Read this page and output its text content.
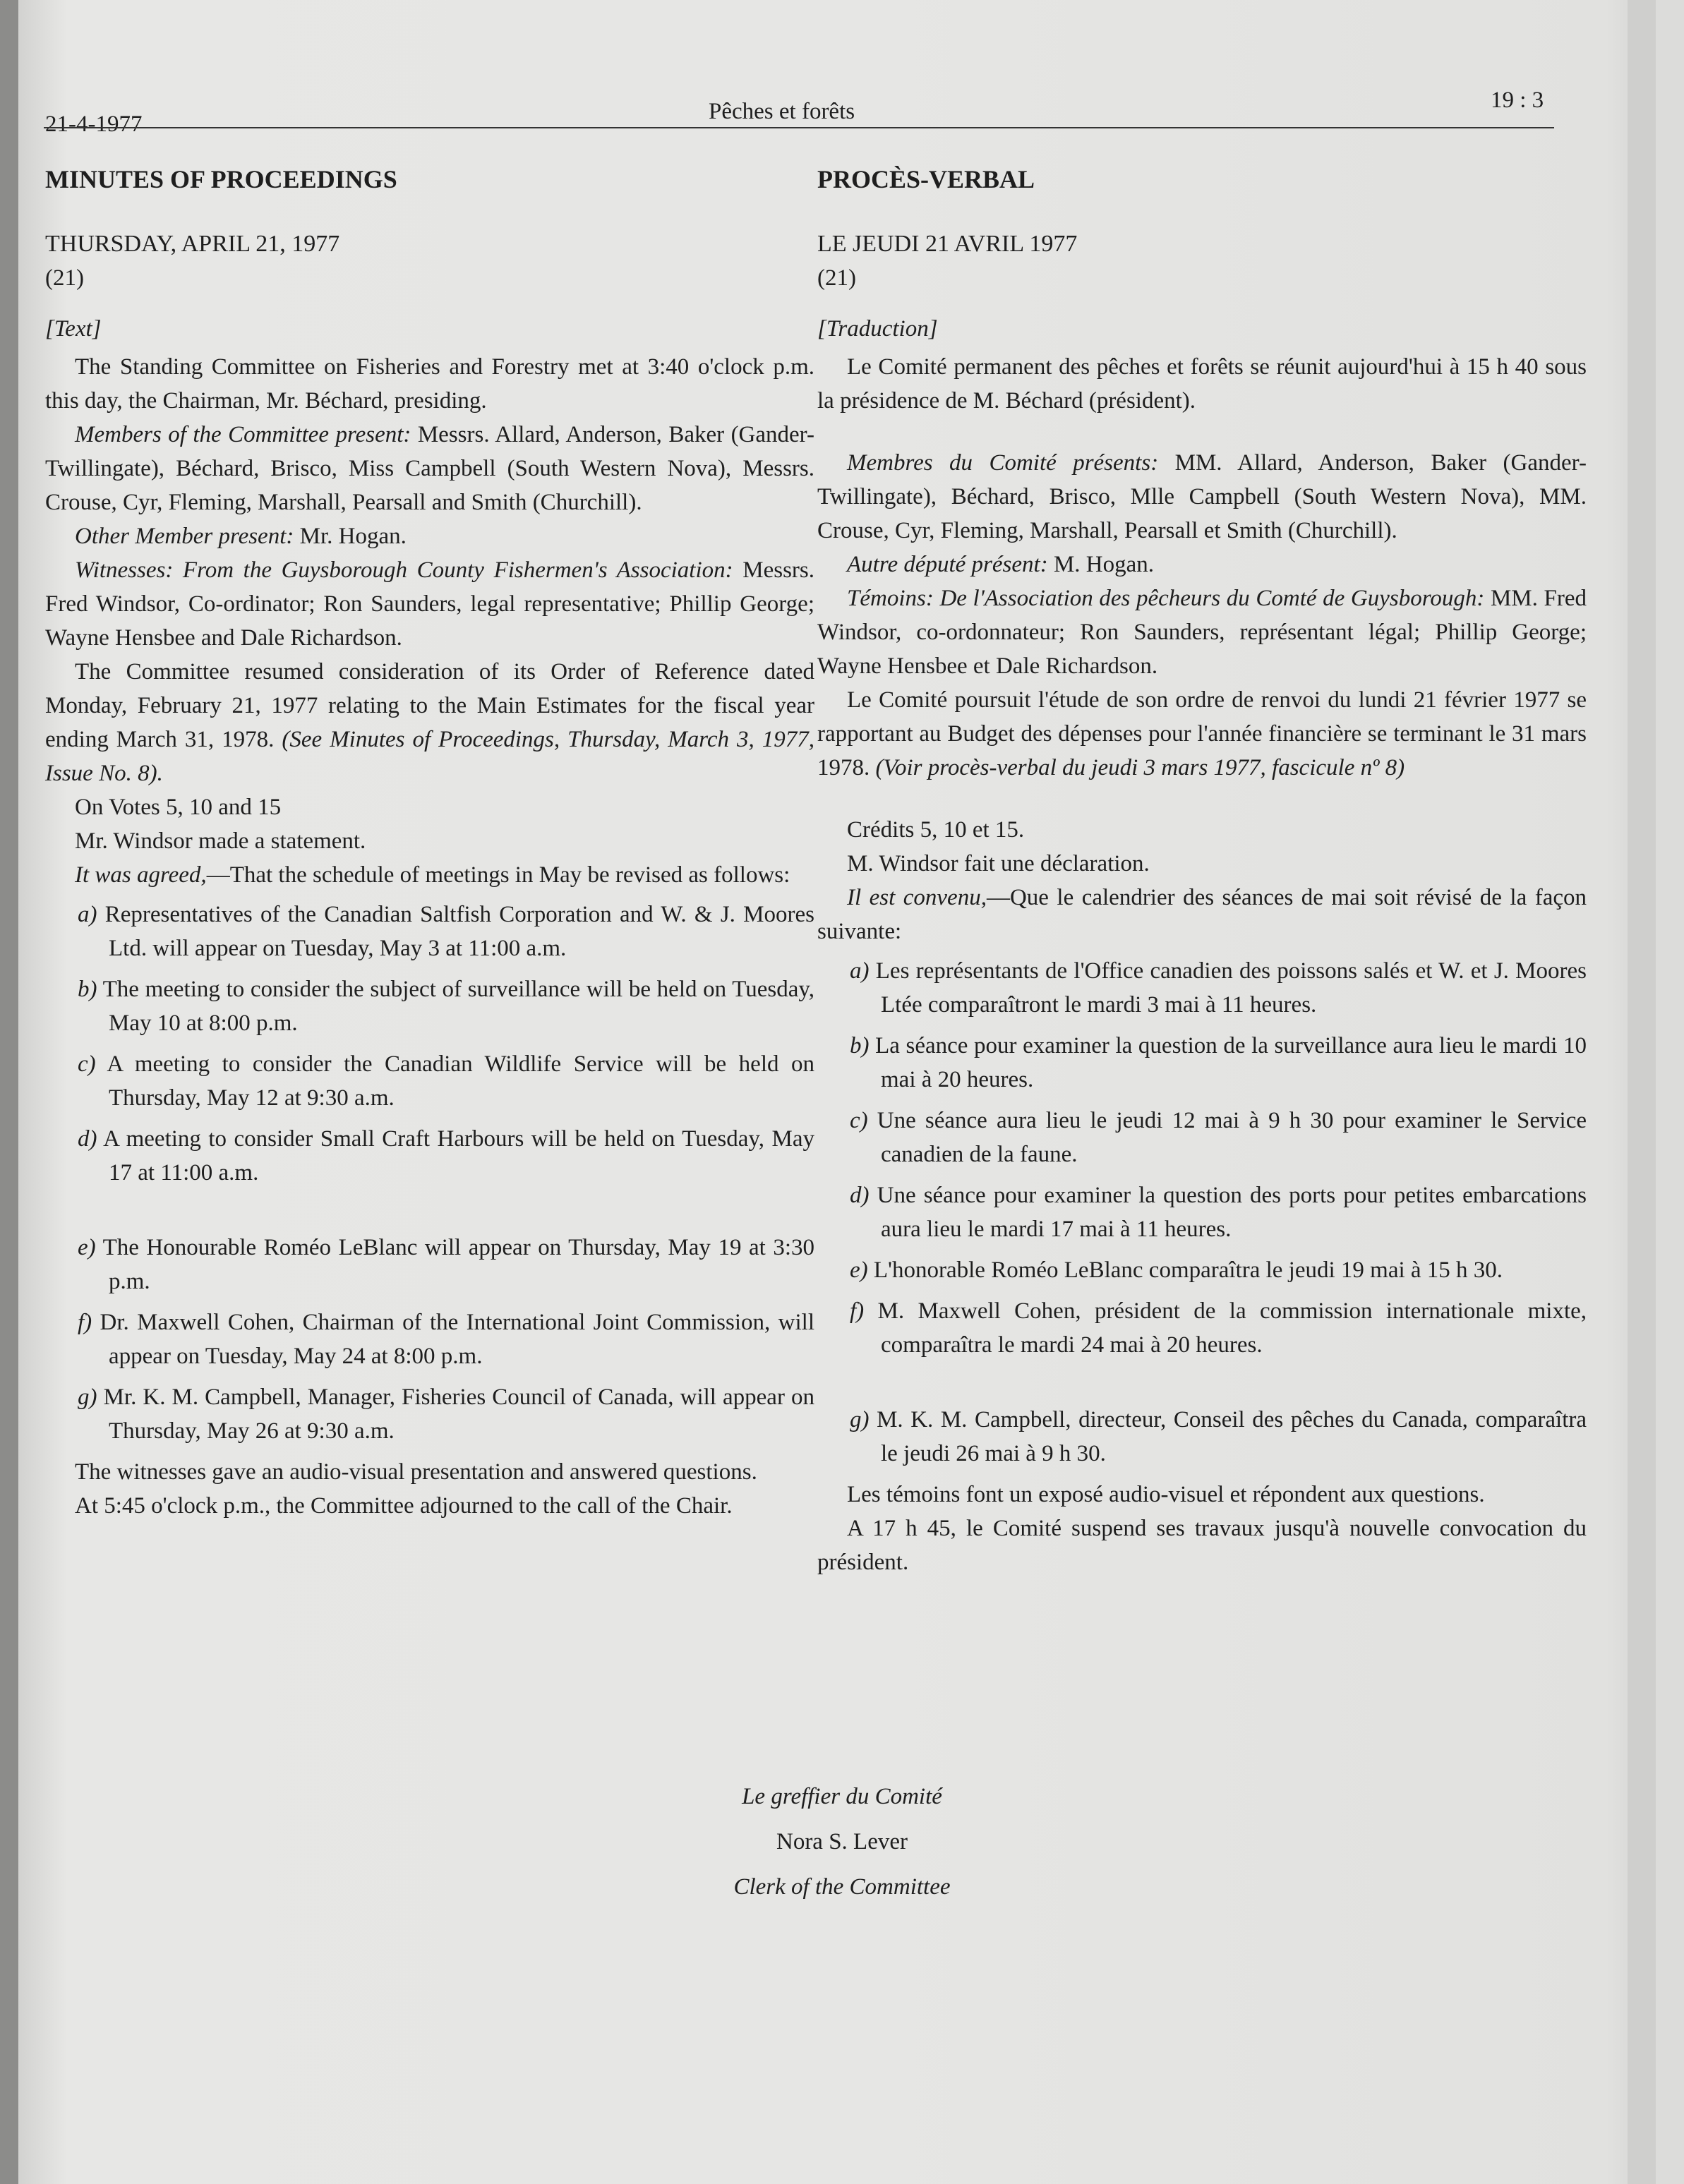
21-4-1977	Pêches et forêts	19 : 3
MINUTES OF PROCEEDINGS

THURSDAY, APRIL 21, 1977

(21)

[Text]

The Standing Committee on Fisheries and Forestry met at 3:40 o'clock p.m. this day, the Chairman, Mr. Béchard, presiding.

Members of the Committee present: Messrs. Allard, Anderson, Baker (Gander-Twillingate), Béchard, Brisco, Miss Campbell (South Western Nova), Messrs. Crouse, Cyr, Fleming, Marshall, Pearsall and Smith (Churchill).

Other Member present: Mr. Hogan.

Witnesses: From the Guysborough County Fishermen's Association: Messrs. Fred Windsor, Co-ordinator; Ron Saunders, legal representative; Phillip George; Wayne Hensbee and Dale Richardson.

The Committee resumed consideration of its Order of Reference dated Monday, February 21, 1977 relating to the Main Estimates for the fiscal year ending March 31, 1978. (See Minutes of Proceedings, Thursday, March 3, 1977, Issue No. 8).

On Votes 5, 10 and 15

Mr. Windsor made a statement.

It was agreed,—That the schedule of meetings in May be revised as follows:

a) Representatives of the Canadian Saltfish Corporation and W. & J. Moores Ltd. will appear on Tuesday, May 3 at 11:00 a.m.

b) The meeting to consider the subject of surveillance will be held on Tuesday, May 10 at 8:00 p.m.

c) A meeting to consider the Canadian Wildlife Service will be held on Thursday, May 12 at 9:30 a.m.

d) A meeting to consider Small Craft Harbours will be held on Tuesday, May 17 at 11:00 a.m.

e) The Honourable Roméo LeBlanc will appear on Thursday, May 19 at 3:30 p.m.

f) Dr. Maxwell Cohen, Chairman of the International Joint Commission, will appear on Tuesday, May 24 at 8:00 p.m.

g) Mr. K. M. Campbell, Manager, Fisheries Council of Canada, will appear on Thursday, May 26 at 9:30 a.m.

The witnesses gave an audio-visual presentation and answered questions.

At 5:45 o'clock p.m., the Committee adjourned to the call of the Chair.

PROCÈS-VERBAL

LE JEUDI 21 AVRIL 1977

(21)

[Traduction]

Le Comité permanent des pêches et forêts se réunit aujourd'hui à 15 h 40 sous la présidence de M. Béchard (président).

Membres du Comité présents: MM. Allard, Anderson, Baker (Gander-Twillingate), Béchard, Brisco, Mlle Campbell (South Western Nova), MM. Crouse, Cyr, Fleming, Marshall, Pearsall et Smith (Churchill).

Autre député présent: M. Hogan.

Témoins: De l'Association des pêcheurs du Comté de Guysborough: MM. Fred Windsor, co-ordonnateur; Ron Saunders, représentant légal; Phillip George; Wayne Hensbee et Dale Richardson.

Le Comité poursuit l'étude de son ordre de renvoi du lundi 21 février 1977 se rapportant au Budget des dépenses pour l'année financière se terminant le 31 mars 1978. (Voir procès-verbal du jeudi 3 mars 1977, fascicule nº 8)

Crédits 5, 10 et 15.

M. Windsor fait une déclaration.

Il est convenu,—Que le calendrier des séances de mai soit révisé de la façon suivante:

a) Les représentants de l'Office canadien des poissons salés et W. et J. Moores Ltée comparaîtront le mardi 3 mai à 11 heures.

b) La séance pour examiner la question de la surveillance aura lieu le mardi 10 mai à 20 heures.

c) Une séance aura lieu le jeudi 12 mai à 9 h 30 pour examiner le Service canadien de la faune.

d) Une séance pour examiner la question des ports pour petites embarcations aura lieu le mardi 17 mai à 11 heures.

e) L'honorable Roméo LeBlanc comparaîtra le jeudi 19 mai à 15 h 30.

f) M. Maxwell Cohen, président de la commission internationale mixte, comparaîtra le mardi 24 mai à 20 heures.

g) M. K. M. Campbell, directeur, Conseil des pêches du Canada, comparaîtra le jeudi 26 mai à 9 h 30.

Les témoins font un exposé audio-visuel et répondent aux questions.

A 17 h 45, le Comité suspend ses travaux jusqu'à nouvelle convocation du président.

Le greffier du Comité
Nora S. Lever
Clerk of the Committee
